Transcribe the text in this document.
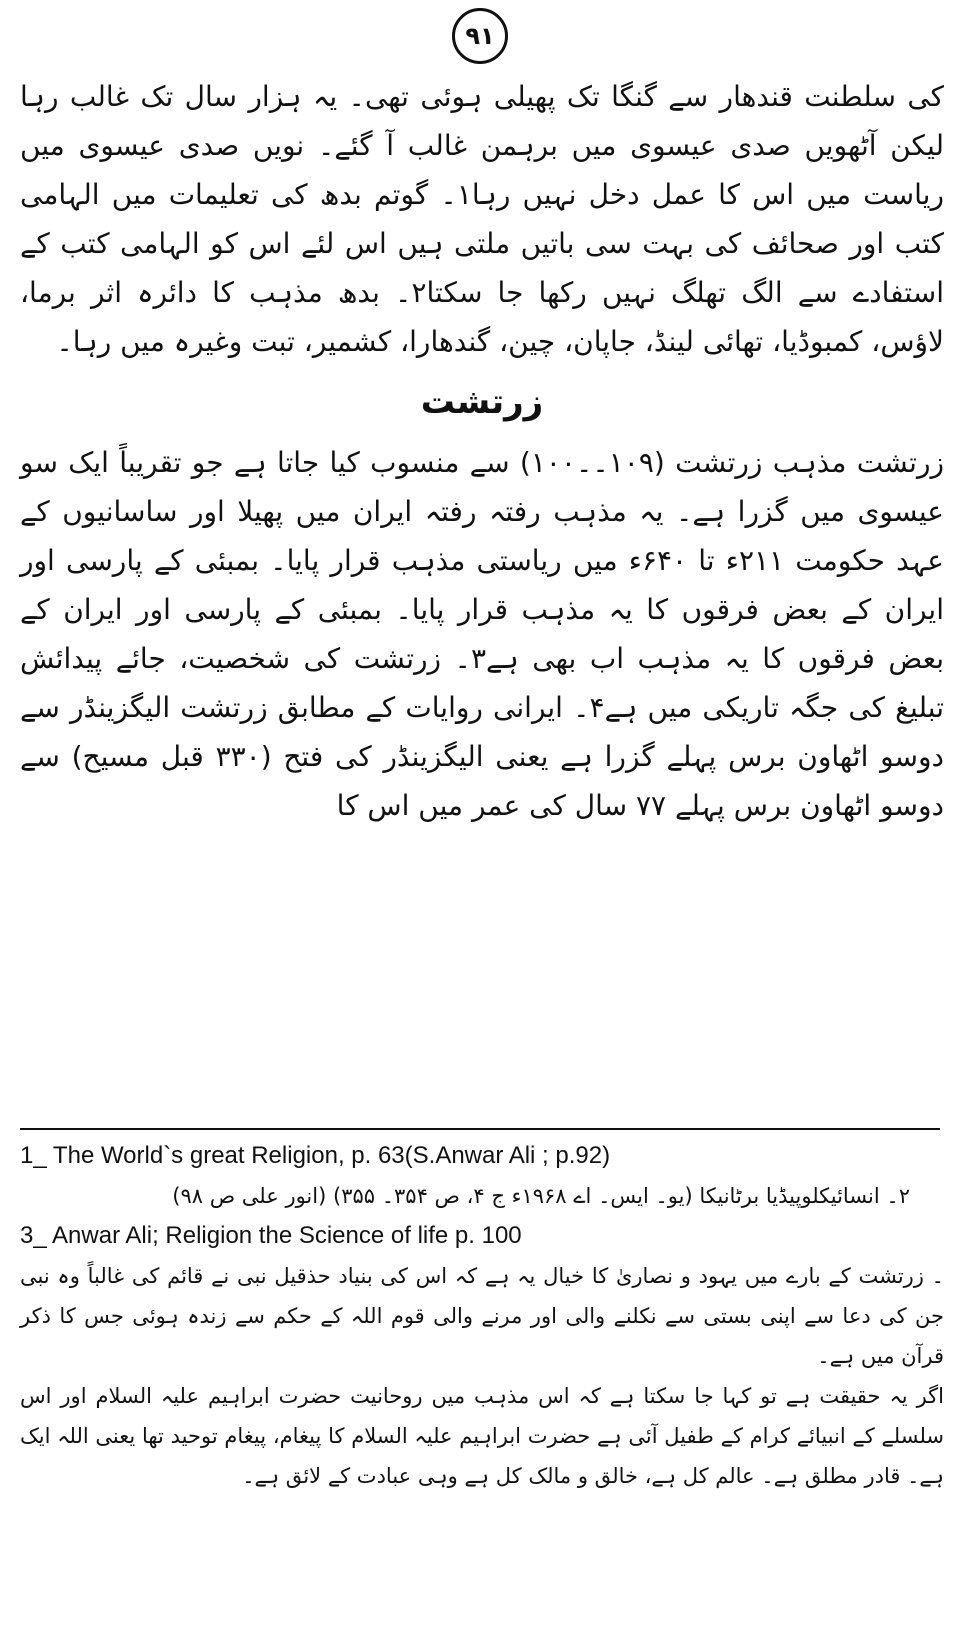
۹۱

کی سلطنت قندھار سے گنگا تک پھیلی ہوئی تھی۔ یہ ہزار سال تک غالب رہا لیکن آٹھویں صدی عیسوی میں برہمن غالب آ گئے۔ نویں صدی عیسوی میں ریاست میں اس کا عمل دخل نہیں رہا۱۔ گوتم بدھ کی تعلیمات میں الہامی کتب اور صحائف کی بہت سی باتیں ملتی ہیں اس لئے اس کو الہامی کتب کے استفادے سے الگ تھلگ نہیں رکھا جا سکتا۲۔ بدھ مذہب کا دائرہ اثر برما، لاؤس، کمبوڈیا، تھائی لینڈ، جاپان، چین، گندھارا، کشمیر، تبت وغیرہ میں رہا۔

زرتشت

زرتشت مذہب زرتشت (۱۰۹۔۔۱۰۰) سے منسوب کیا جاتا ہے جو تقریباً ایک سو عیسوی میں گزرا ہے۔ یہ مذہب رفتہ رفتہ ایران میں پھیلا اور ساسانیوں کے عہد حکومت ۲۱۱ء تا ۶۴۰ء میں ریاستی مذہب قرار پایا۔ بمبئی کے پارسی اور ایران کے بعض فرقوں کا یہ مذہب قرار پایا۔ بمبئی کے پارسی اور ایران کے بعض فرقوں کا یہ مذہب اب بھی ہے۳۔ زرتشت کی شخصیت، جائے پیدائش تبلیغ کی جگہ تاریکی میں ہے۴۔ ایرانی روایات کے مطابق زرتشت الیگزینڈر سے دوسو اٹھاون برس پہلے گزرا ہے یعنی الیگزینڈر کی فتح (۳۳۰ قبل مسیح) سے دوسو اٹھاون برس پہلے ۷۷ سال کی عمر میں اس کا

1_ The World`s great Religion, p. 63(S.Anwar Ali ; p.92)

۲۔ انسائیکلوپیڈیا برٹانیکا (یو۔ ایس۔ اے ۱۹۶۸ء ج ۴، ص ۳۵۴۔ ۳۵۵) (انور علی ص ۹۸)

3_ Anwar Ali; Religion the Science of life p. 100

۔ زرتشت کے بارے میں یہود و نصاریٰ کا خیال یہ ہے کہ اس کی بنیاد حذقیل نبی نے قائم کی غالباً وہ نبی جن کی دعا سے اپنی بستی سے نکلنے والی اور مرنے والی قوم اللہ کے حکم سے زندہ ہوئی جس کا ذکر قرآن میں ہے۔

اگر یہ حقیقت ہے تو کہا جا سکتا ہے کہ اس مذہب میں روحانیت حضرت ابراہیم علیہ السلام اور اس سلسلے کے انبیائے کرام کے طفیل آئی ہے حضرت ابراہیم علیہ السلام کا پیغام، پیغام توحید تھا یعنی اللہ ایک ہے۔ قادر مطلق ہے۔ عالم کل ہے، خالق و مالک کل ہے وہی عبادت کے لائق ہے۔
